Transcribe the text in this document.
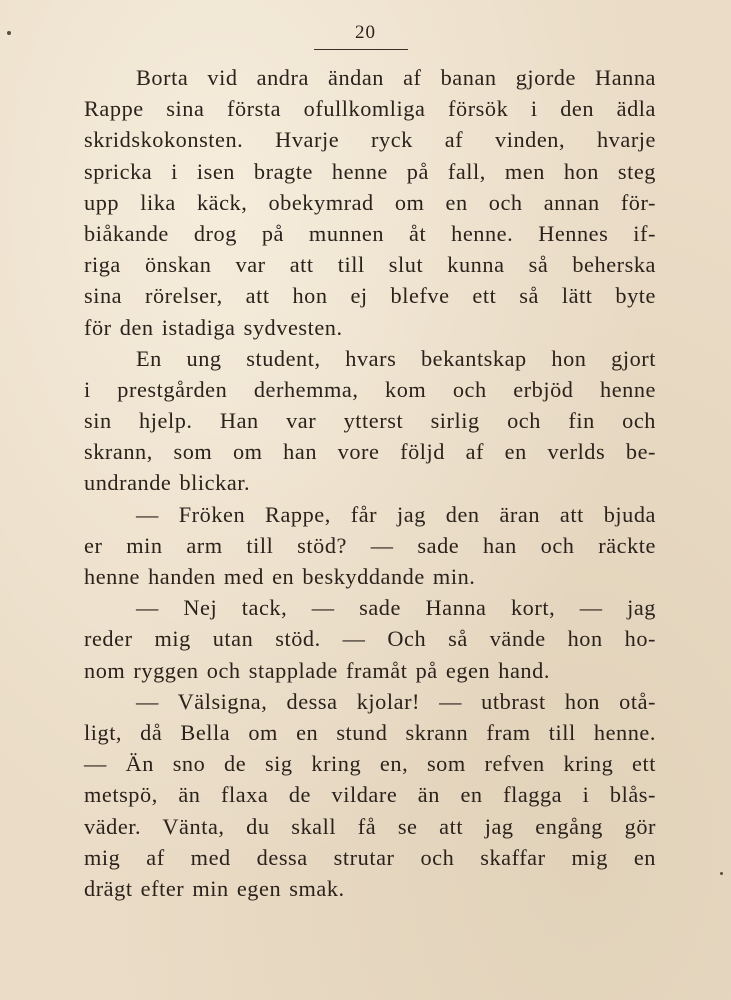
20
Borta vid andra ändan af banan gjorde Hanna
Rappe sina första ofullkomliga försök i den ädla
skridskokonsten. Hvarje ryck af vinden, hvarje
spricka i isen bragte henne på fall, men hon steg
upp lika käck, obekymrad om en och annan för-
biåkande drog på munnen åt henne. Hennes if-
riga önskan var att till slut kunna så beherska
sina rörelser, att hon ej blefve ett så lätt byte
för den istadiga sydvesten.
En ung student, hvars bekantskap hon gjort
i prestgården derhemma, kom och erbjöd henne
sin hjelp. Han var ytterst sirlig och fin och
skrann, som om han vore följd af en verlds be-
undrande blickar.
— Fröken Rappe, får jag den äran att bjuda
er min arm till stöd? — sade han och räckte
henne handen med en beskyddande min.
— Nej tack, — sade Hanna kort, — jag
reder mig utan stöd. — Och så vände hon ho-
nom ryggen och stapplade framåt på egen hand.
— Välsigna, dessa kjolar! — utbrast hon otå-
ligt, då Bella om en stund skrann fram till henne.
— Än sno de sig kring en, som refven kring ett
metspö, än flaxa de vildare än en flagga i blås-
väder. Vänta, du skall få se att jag engång gör
mig af med dessa strutar och skaffar mig en
drägt efter min egen smak.
